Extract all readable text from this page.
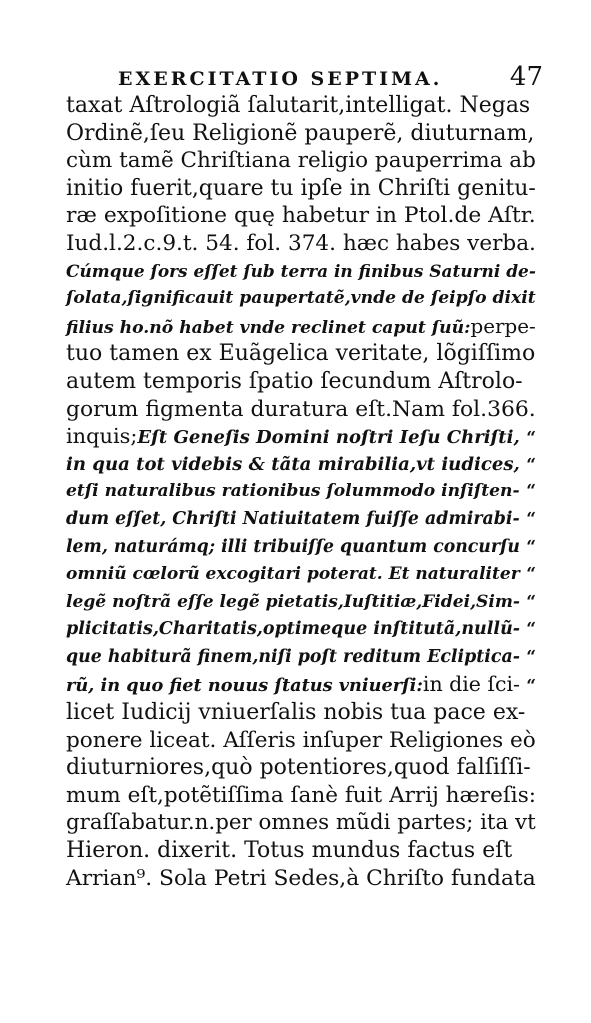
EXERCITATIO SEPTIMA.	47
taxat Aſtrologiã ſalutarit,intelligat. Negas
Ordinẽ,ſeu Religionẽ pauperẽ, diuturnam,
cùm tamẽ Chriſtiana religio pauperrima ab
initio fuerit,quare tu ipſe in Chriſti genitu-
ræ expoſitione quę habetur in Ptol.de Aſtr.
Iud.l.2.c.9.t. 54. fol. 374. hæc habes verba.
Cúmque ſors eſſet ſub terra in finibus Saturni de-
ſolata,ſignificauit paupertatẽ,vnde de ſeipſo dixit
filius ho.nõ habet vnde reclinet caput ſuũ: perpe-
tuo tamen ex Euãgelica veritate, lõgiſſimo
autem temporis ſpatio ſecundum Aſtrolo-
gorum figmenta duratura eſt.Nam fol.366.
inquis; Eſt Geneſis Domini noſtri Ieſu Chriſti, “
in qua tot videbis & tãta mirabilia,vt iudices, “
etſi naturalibus rationibus ſolummodo inſiſten- “
dum eſſet, Chriſti Natiuitatem fuiſſe admirabi- “
lem, naturámq; illi tribuiſſe quantum concurſu “
omniũ cœlorũ excogitari poterat. Et naturaliter “
legẽ noſtrã eſſe legẽ pietatis,Iuſtitiæ,Fidei,Sim- “
plicitatis,Charitatis,optimeque inſtitutã,nullũ- “
que habiturã finem,niſi poſt reditum Ecliptica- “
rũ, in quo fiet nouus ſtatus vniuerſi: in die ſci- “
licet Iudicij vniuerſalis nobis tua pace ex-
ponere liceat. Aſſeris inſuper Religiones eò
diuturniores,quò potentiores,quod falſiſſi-
mum eſt,potẽtiſſima ſanè fuit Arrij hæreſis:
graſſabatur.n.per omnes mũdi partes; ita vt
Hieron. dixerit. Totus mundus factus eſt
Arrian⁹. Sola Petri Sedes,à Chriſto fundata
